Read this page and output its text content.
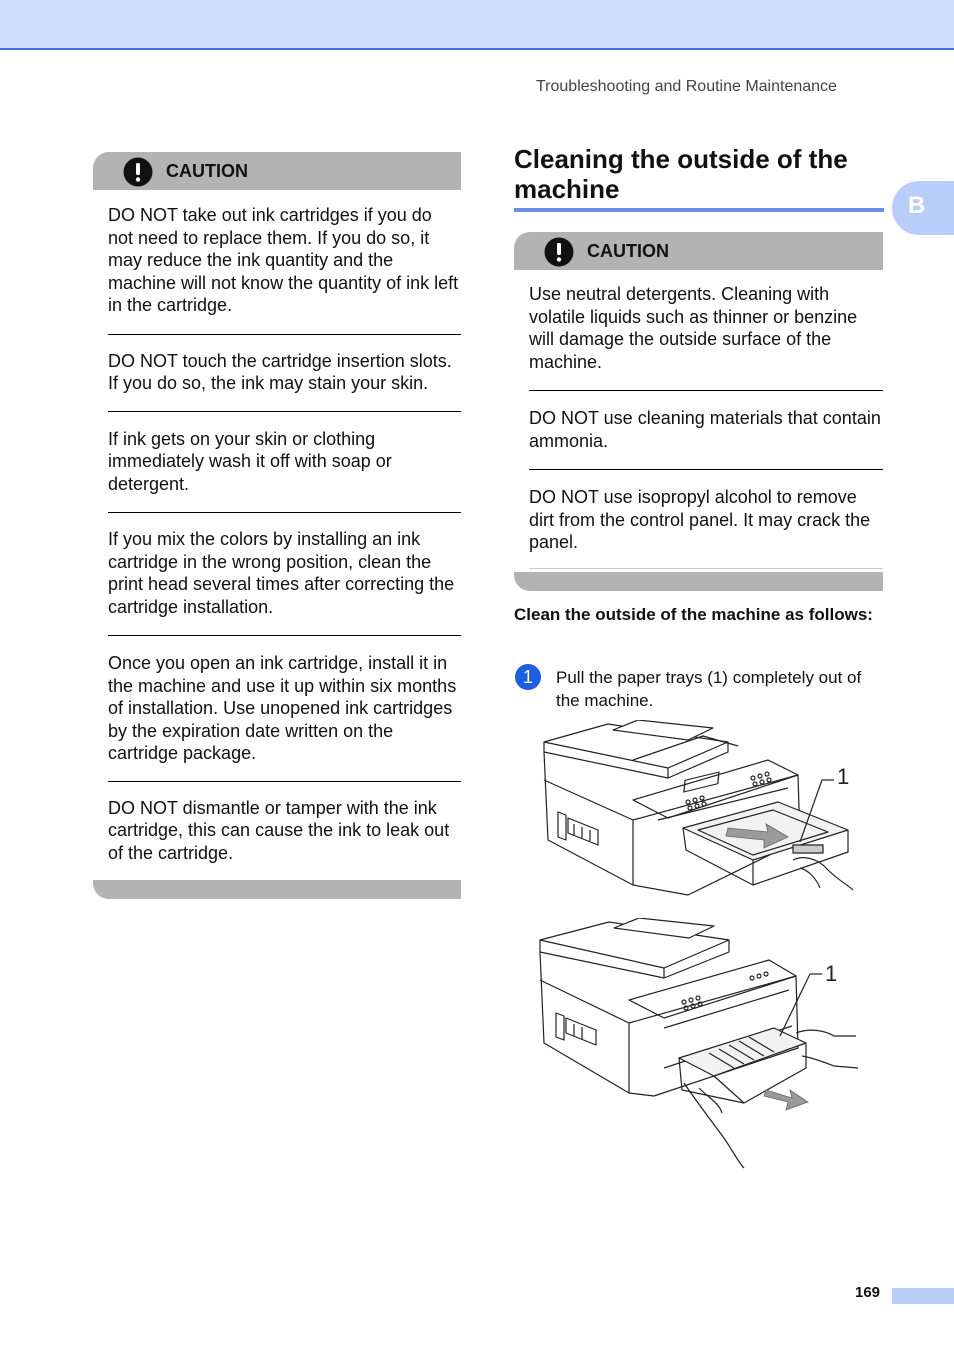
Troubleshooting and Routine Maintenance
B
CAUTION

DO NOT take out ink cartridges if you do not need to replace them. If you do so, it may reduce the ink quantity and the machine will not know the quantity of ink left in the cartridge.

DO NOT touch the cartridge insertion slots. If you do so, the ink may stain your skin.

If ink gets on your skin or clothing immediately wash it off with soap or detergent.

If you mix the colors by installing an ink cartridge in the wrong position, clean the print head several times after correcting the cartridge installation.

Once you open an ink cartridge, install it in the machine and use it up within six months of installation. Use unopened ink cartridges by the expiration date written on the cartridge package.

DO NOT dismantle or tamper with the ink cartridge, this can cause the ink to leak out of the cartridge.

Cleaning the outside of the machine
CAUTION

Use neutral detergents. Cleaning with volatile liquids such as thinner or benzine will damage the outside surface of the machine.

DO NOT use cleaning materials that contain ammonia.

DO NOT use isopropyl alcohol to remove dirt from the control panel. It may crack the panel.

Clean the outside of the machine as follows:
1	Pull the paper trays (1) completely out of the machine.
1
1
169
